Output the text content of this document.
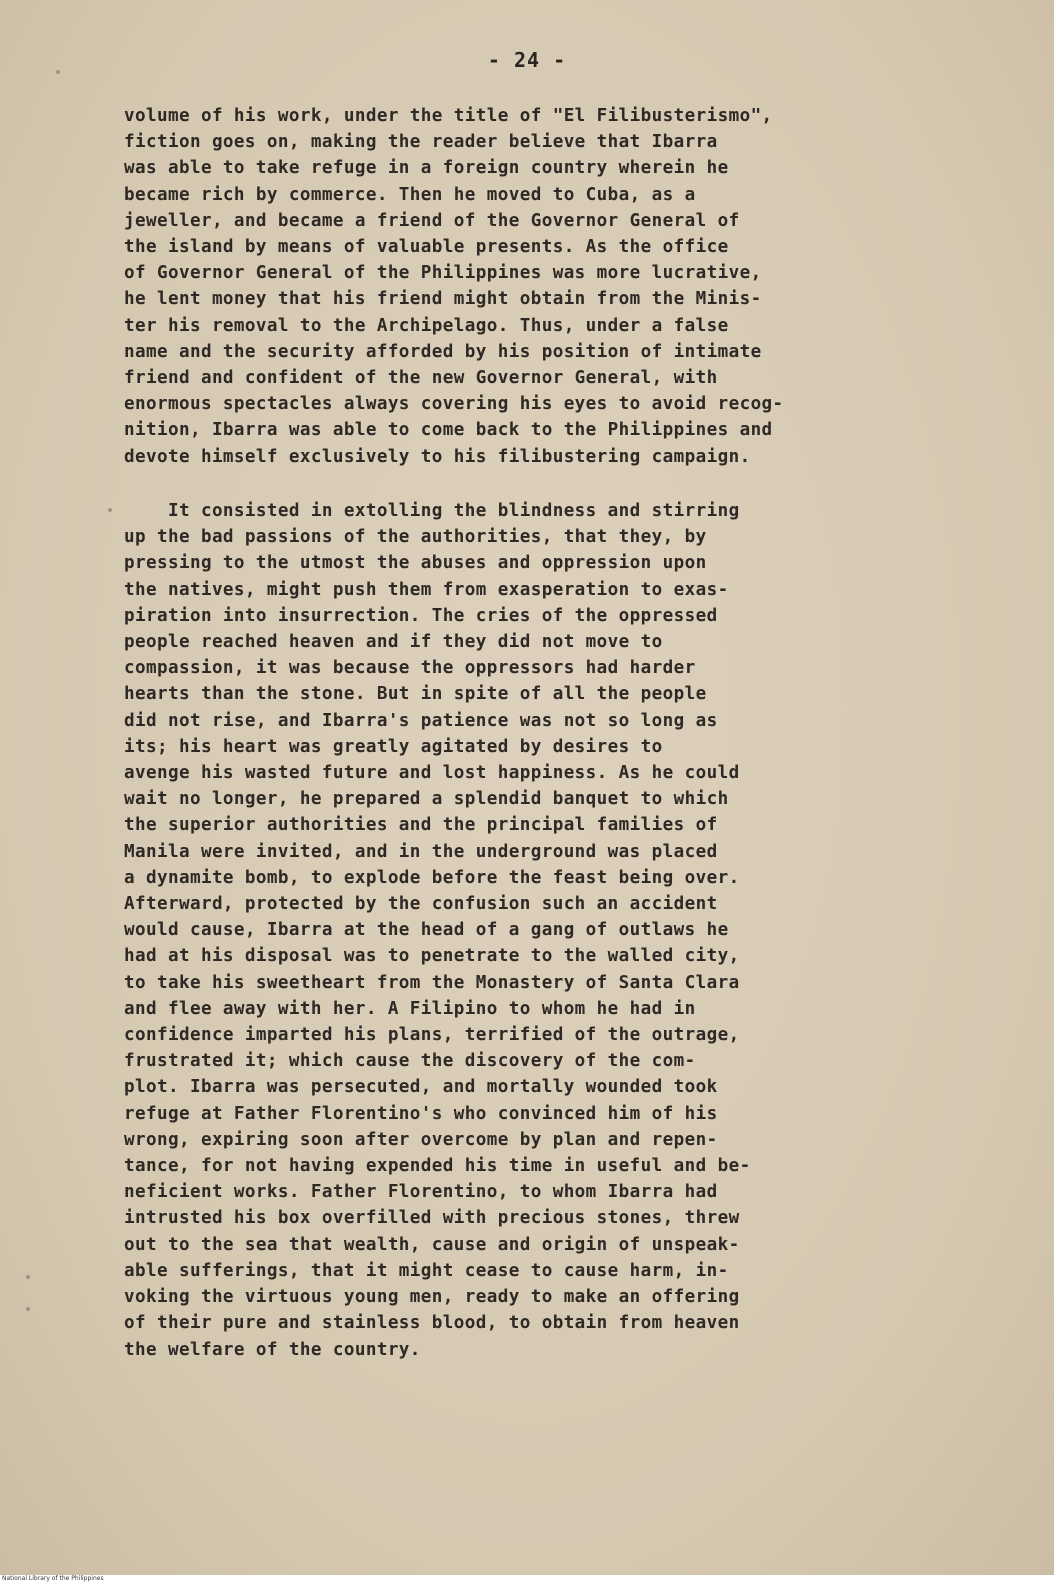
- 24 -

volume of his work, under the title of "El Filibusterismo",
fiction goes on, making the reader believe that Ibarra
was able to take refuge in a foreign country wherein he
became rich by commerce. Then he moved to Cuba, as a
jeweller, and became a friend of the Governor General of
the island by means of valuable presents. As the office
of Governor General of the Philippines was more lucrative,
he lent money that his friend might obtain from the Minis-
ter his removal to the Archipelago. Thus, under a false
name and the security afforded by his position of intimate
friend and confident of the new Governor General, with
enormous spectacles always covering his eyes to avoid recog-
nition, Ibarra was able to come back to the Philippines and
devote himself exclusively to his filibustering campaign.

It consisted in extolling the blindness and stirring
up the bad passions of the authorities, that they, by
pressing to the utmost the abuses and oppression upon
the natives, might push them from exasperation to exas-
piration into insurrection. The cries of the oppressed
people reached heaven and if they did not move to
compassion, it was because the oppressors had harder
hearts than the stone. But in spite of all the people
did not rise, and Ibarra's patience was not so long as
its; his heart was greatly agitated by desires to
avenge his wasted future and lost happiness. As he could
wait no longer, he prepared a splendid banquet to which
the superior authorities and the principal families of
Manila were invited, and in the underground was placed
a dynamite bomb, to explode before the feast being over.
Afterward, protected by the confusion such an accident
would cause, Ibarra at the head of a gang of outlaws he
had at his disposal was to penetrate to the walled city,
to take his sweetheart from the Monastery of Santa Clara
and flee away with her. A Filipino to whom he had in
confidence imparted his plans, terrified of the outrage,
frustrated it; which cause the discovery of the com-
plot. Ibarra was persecuted, and mortally wounded took
refuge at Father Florentino's who convinced him of his
wrong, expiring soon after overcome by plan and repen-
tance, for not having expended his time in useful and be-
neficient works. Father Florentino, to whom Ibarra had
intrusted his box overfilled with precious stones, threw
out to the sea that wealth, cause and origin of unspeak-
able sufferings, that it might cease to cause harm, in-
voking the virtuous young men, ready to make an offering
of their pure and stainless blood, to obtain from heaven
the welfare of the country.

National Library of the Philippines
